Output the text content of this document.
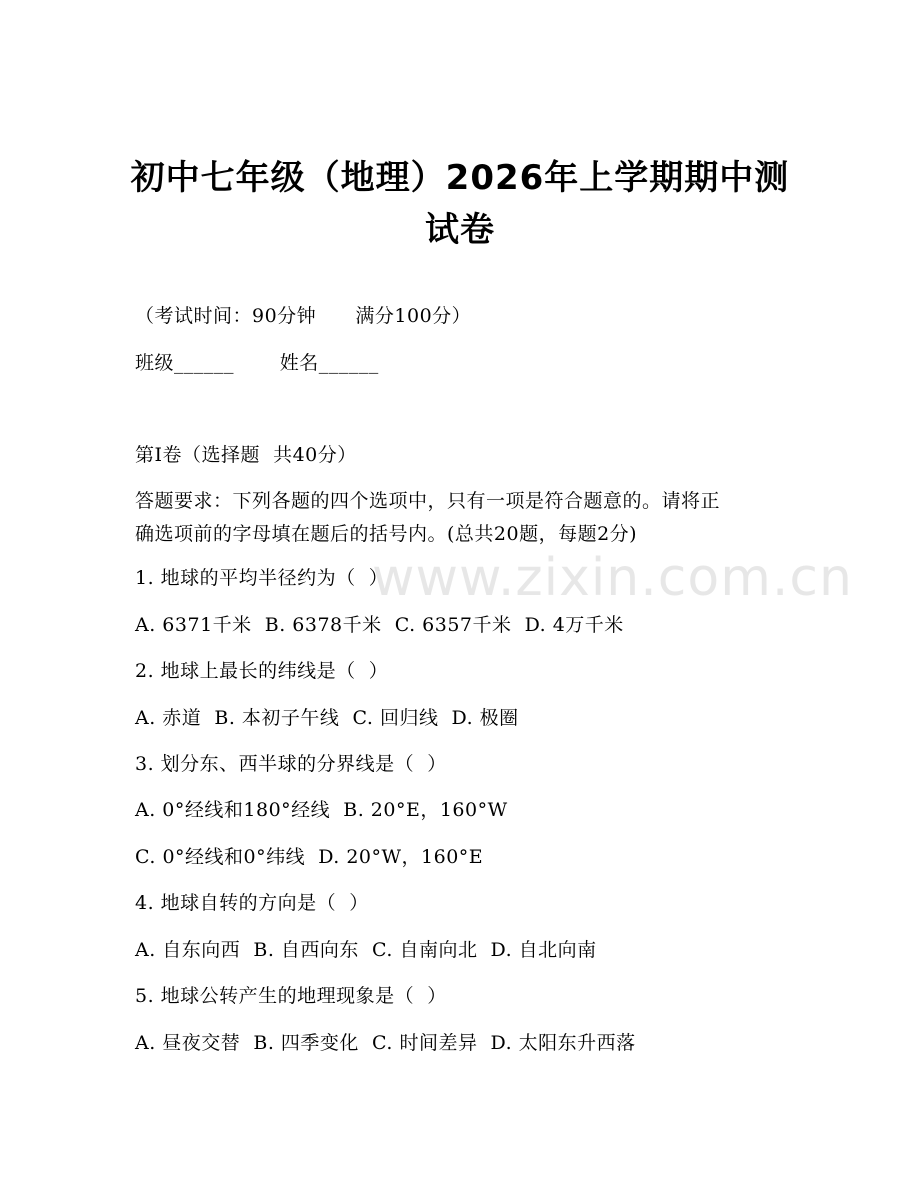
初中七年级（地理）2026年上学期期中测试卷
（考试时间：90分钟      满分100分）
班级______       姓名______
第I卷（选择题  共40分）
答题要求：下列各题的四个选项中，只有一项是符合题意的。请将正
确选项前的字母填在题后的括号内。(总共20题，每题2分)
1. 地球的平均半径约为（  ）
A. 6371千米  B. 6378千米  C. 6357千米  D. 4万千米
2. 地球上最长的纬线是（  ）
A. 赤道  B. 本初子午线  C. 回归线  D. 极圈
3. 划分东、西半球的分界线是（  ）
A. 0°经线和180°经线  B. 20°E，160°W
C. 0°经线和0°纬线  D. 20°W，160°E
4. 地球自转的方向是（  ）
A. 自东向西  B. 自西向东  C. 自南向北  D. 自北向南
5. 地球公转产生的地理现象是（  ）
A. 昼夜交替  B. 四季变化  C. 时间差异  D. 太阳东升西落
www.zixin.com.cn
